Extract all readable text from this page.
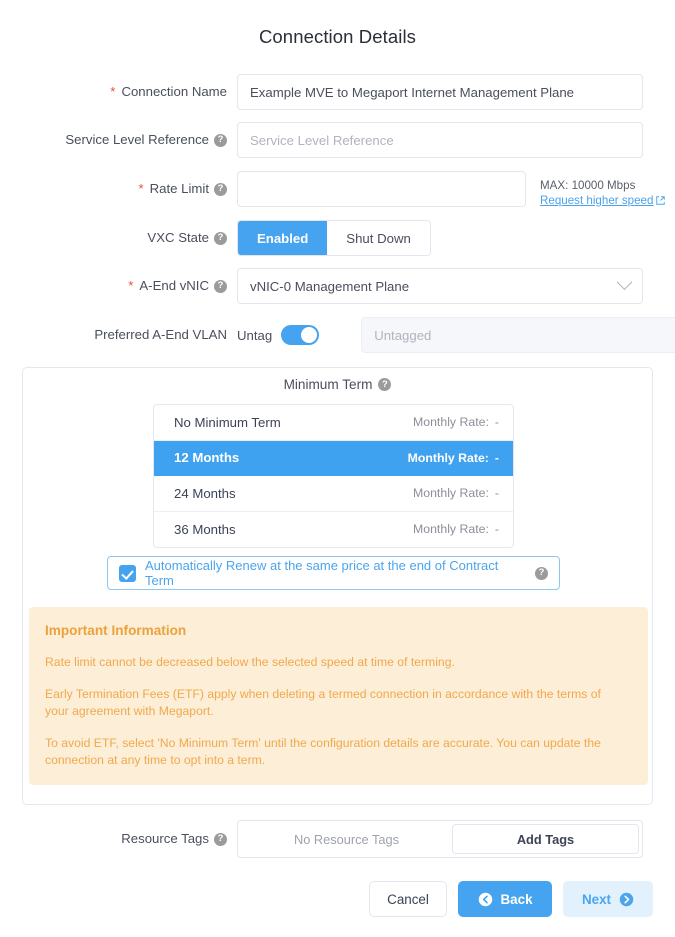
Connection Details
* Connection Name Example MVE to Megaport Internet Management Plane
Service Level Reference ? Service Level Reference
* Rate Limit ?	MAX: 10000 Mbps
Request higher speed
VXC State ?	Enabled	Shut Down
* A-End vNIC ? vNIC-0 Management Plane
Preferred A-End VLAN Untag	Untagged
Minimum Term	?
No Minimum Term	Monthly Rate: -
12 Months	Monthly Rate: -
24 Months	Monthly Rate: -
36 Months	Monthly Rate: -
Automatically Renew at the same price at the end of Contract Term
?
Important Information

Rate limit cannot be decreased below the selected speed at time of terming.

Early Termination Fees (ETF) apply when deleting a termed connection in accordance with the terms of your agreement with Megaport.

To avoid ETF, select 'No Minimum Term' until the configuration details are accurate. You can update the connection at any time to opt into a term.

Resource Tags ?	No Resource Tags	Add Tags
Cancel	Back	Next
